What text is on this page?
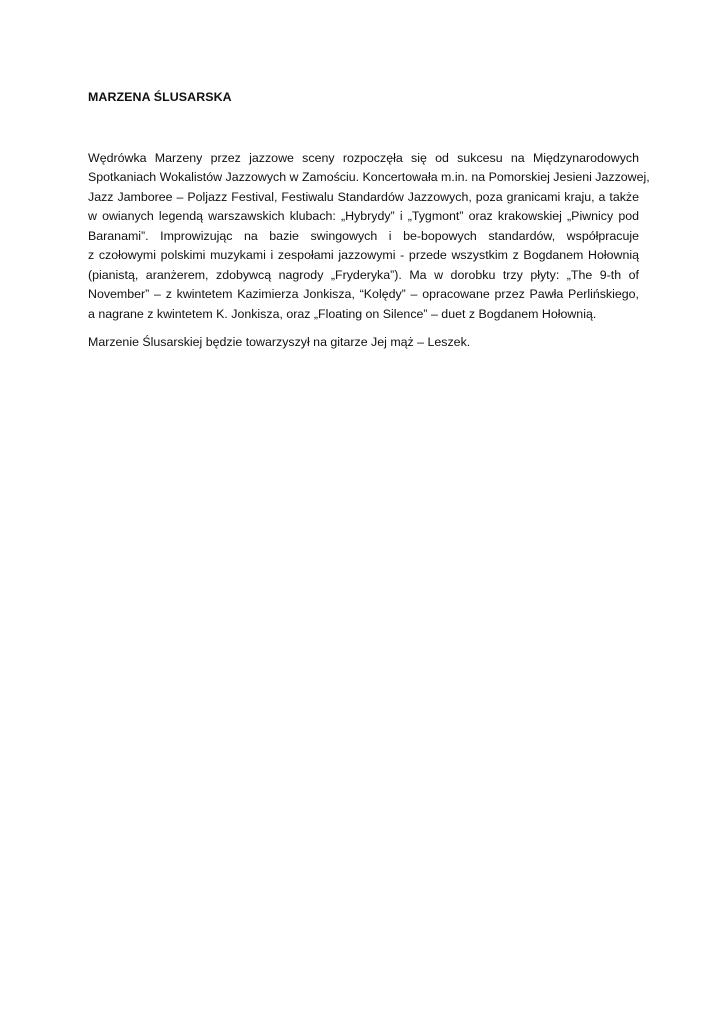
MARZENA ŚLUSARSKA

Wędrówka Marzeny przez jazzowe sceny rozpoczęła się od sukcesu na Międzynarodowych
Spotkaniach Wokalistów Jazzowych w Zamościu. Koncertowała m.in. na Pomorskiej Jesieni Jazzowej,
Jazz Jamboree – Poljazz Festival, Festiwalu Standardów Jazzowych, poza granicami kraju, a także
w owianych legendą warszawskich klubach: „Hybrydy” i „Tygmont” oraz krakowskiej „Piwnicy pod
Baranami”. Improwizując na bazie swingowych i be-bopowych standardów, współpracuje
z czołowymi polskimi muzykami i zespołami jazzowymi - przede wszystkim z Bogdanem Hołownią
(pianistą, aranżerem, zdobywcą nagrody „Fryderyka”). Ma w dorobku trzy płyty: „The 9-th of
November” – z kwintetem Kazimierza Jonkisza, “Kolędy” – opracowane przez Pawła Perlińskiego,
a nagrane z kwintetem K. Jonkisza, oraz „Floating on Silence” – duet z Bogdanem Hołownią.

Marzenie Ślusarskiej będzie towarzyszył na gitarze Jej mąż – Leszek.
